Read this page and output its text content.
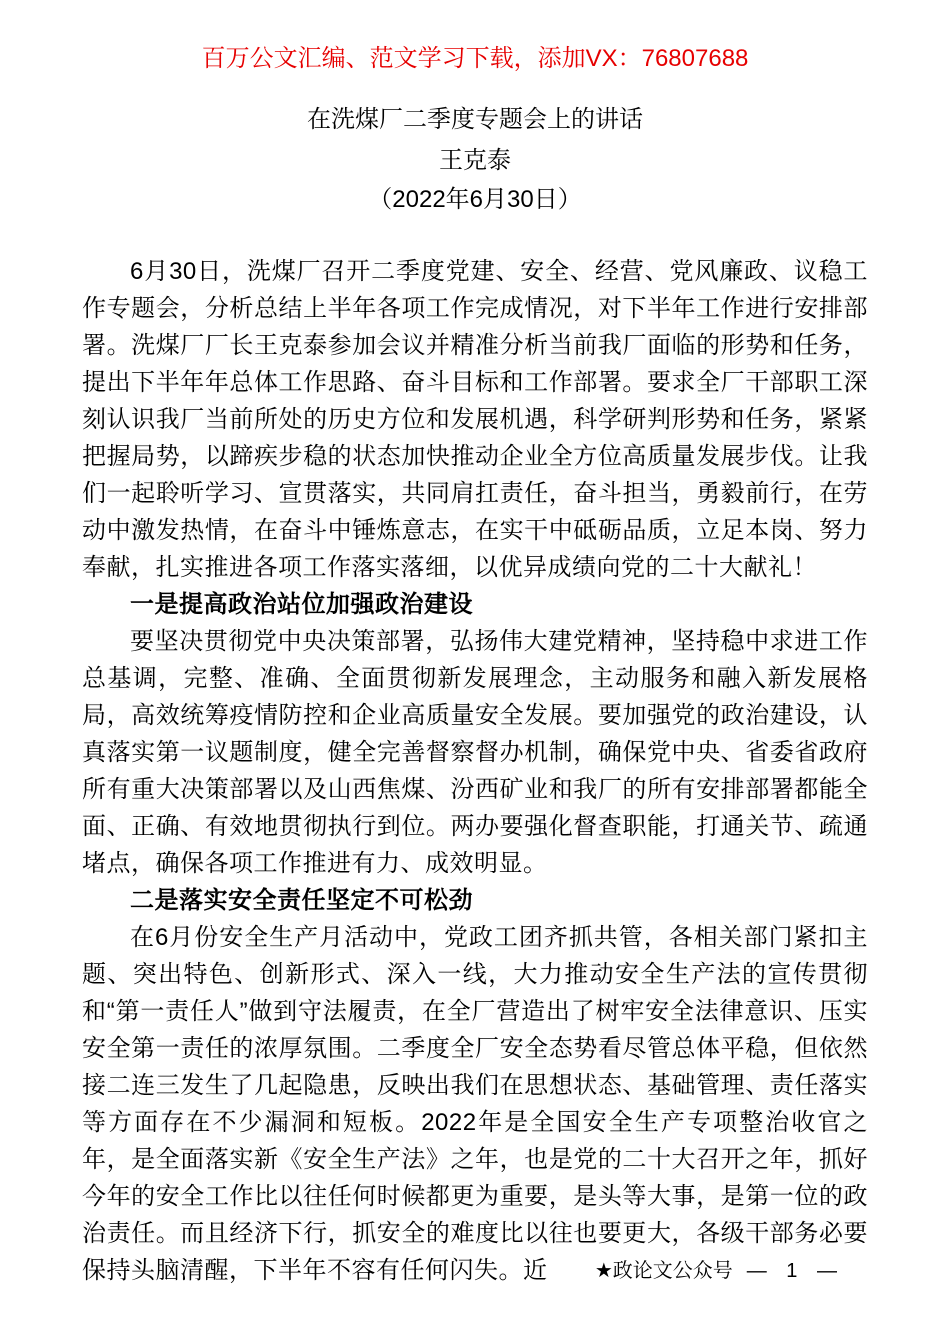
百万公文汇编、范文学习下载，添加VX：76807688
在洗煤厂二季度专题会上的讲话
王克泰
（2022年6月30日）

6月30日，洗煤厂召开二季度党建、安全、经营、党风廉政、议稳工作专题会，分析总结上半年各项工作完成情况，对下半年工作进行安排部署。洗煤厂厂长王克泰参加会议并精准分析当前我厂面临的形势和任务，提出下半年年总体工作思路、奋斗目标和工作部署。要求全厂干部职工深刻认识我厂当前所处的历史方位和发展机遇，科学研判形势和任务，紧紧把握局势，以蹄疾步稳的状态加快推动企业全方位高质量发展步伐。让我们一起聆听学习、宣贯落实，共同肩扛责任，奋斗担当，勇毅前行，在劳动中激发热情，在奋斗中锤炼意志，在实干中砥砺品质，立足本岗、努力奉献，扎实推进各项工作落实落细，以优异成绩向党的二十大献礼！

一是提高政治站位加强政治建设

要坚决贯彻党中央决策部署，弘扬伟大建党精神，坚持稳中求进工作总基调，完整、准确、全面贯彻新发展理念，主动服务和融入新发展格局，高效统筹疫情防控和企业高质量安全发展。要加强党的政治建设，认真落实第一议题制度，健全完善督察督办机制，确保党中央、省委省政府所有重大决策部署以及山西焦煤、汾西矿业和我厂的所有安排部署都能全面、正确、有效地贯彻执行到位。两办要强化督查职能，打通关节、疏通堵点，确保各项工作推进有力、成效明显。

二是落实安全责任坚定不可松劲

在6月份安全生产月活动中，党政工团齐抓共管，各相关部门紧扣主题、突出特色、创新形式、深入一线，大力推动安全生产法的宣传贯彻和“第一责任人”做到守法履责，在全厂营造出了树牢安全法律意识、压实安全第一责任的浓厚氛围。二季度全厂安全态势看尽管总体平稳，但依然接二连三发生了几起隐患，反映出我们在思想状态、基础管理、责任落实等方面存在不少漏洞和短板。2022年是全国安全生产专项整治收官之年，是全面落实新《安全生产法》之年，也是党的二十大召开之年，抓好今年的安全工作比以往任何时候都更为重要，是头等大事，是第一位的政治责任。而且经济下行，抓安全的难度比以往也要更大，各级干部务必要保持头脑清醒，下半年不容有任何闪失。近	★政论文公众号 — 1 —
